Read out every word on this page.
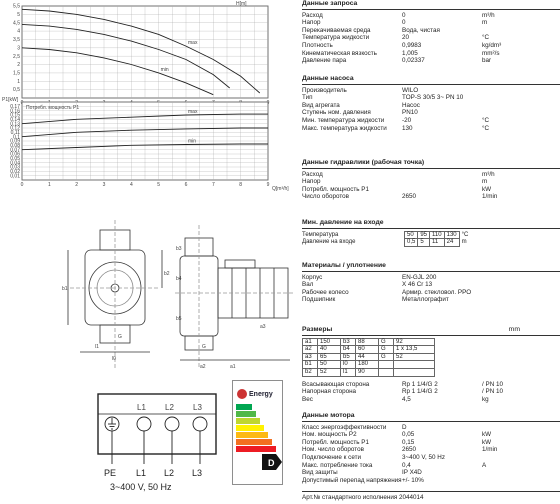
0,5
1
1,5
2
2,5
3
3,5
4
4,5
5
5,5
max
min
H[m]
0,01
0,02
0,03
0,04
0,05
0,06
0,07
0,08
0,09
0,1
0,11
0,12
0,13
0,14
0,15
0,16
0,17
0	1	2	3	4	5	6	7	8	9
max
min
Потребл. мощность P1
P1[kW]
Q[m³/h]
b1
b2
l0
l1
a1
a2
a3
b3
b4
b5
G
G
L1 L2 L3
PE L1 L2 L3
3~400 V, 50 Hz
Energy
D
Данные запроса
Расход	0	m³/h
Напор	0	m
Перекачиваемая среда	Вода, чистая
Температура жидкости	20	°C
Плотность	0,9983	kg/dm³
Кинематическая вязкость	1,005	mm²/s
Давление пара	0,02337	bar
Данные насоса
Производитель	WILO
Тип	TOP-S 30/5 3~ PN 10
Вид агрегата	Насос
Ступень ном. давления	PN10
Мин. температура жидкости	-20	°C
Макс. температура жидкости	130	°C
Данные гидравлики (рабочая точка)
Расход	m³/h
Напор	m
Потребл. мощность P1	kW
Число оборотов	2650	1/min
Мин. давление на входе
Температура	50	95	110	130	°C
Давление на входе	0,5	5	11	24	m
Материалы / уплотнение
Корпус	EN-GJL 200
Вал	X 46 Cr 13
Рабочее колесо	Армир. стекловол. PPO
Подшипник	Металлографит
Размеры	mm
a1	150	b3	88	G	92
a2	40	b4	60	G	1 x 13,5
a3	65	b5	44	G	52
b1	50	l0	180		
b2	52	l1	90		
Всасывающая сторона	Rp 1 1/4/G 2	/ PN 10
Напорная сторона	Rp 1 1/4/G 2	/ PN 10
Вес	4,5	kg
Данные мотора
Класс энергоэффективности	D
Ном. мощность P2	0,05	kW
Потребл. мощность P1	0,15	kW
Ном. число оборотов	2650	1/min
Подключение к сети	3~400 V, 50 Hz
Макс. потребление тока	0,4	A
Вид защиты	IP X4D
Допустимый перепад напряжения +/- 10%
Арт.№ стандартного исполнения 2044014
